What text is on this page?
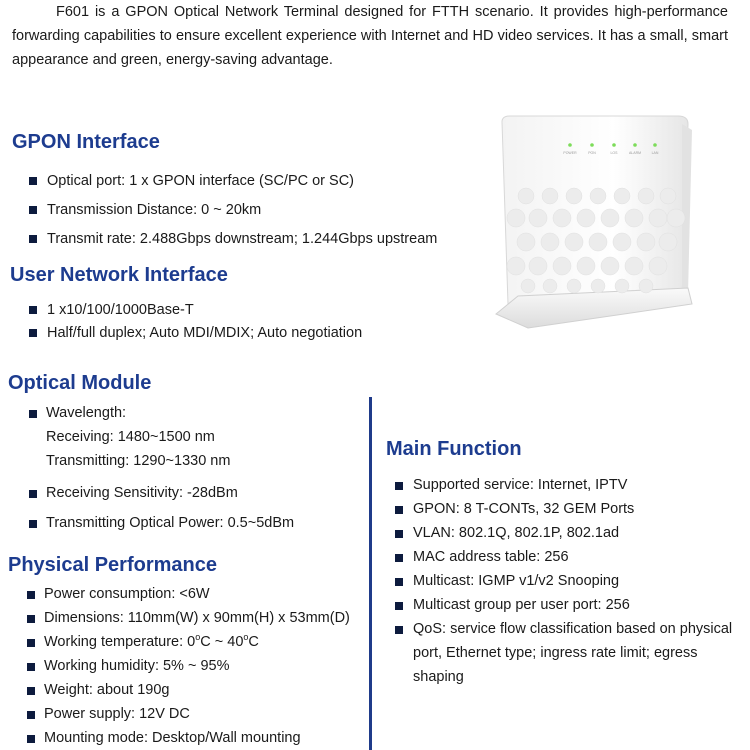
F601 is a GPON Optical Network Terminal designed for FTTH scenario. It provides high-performance forwarding capabilities to ensure excellent experience with Internet and HD video services. It has a small, smart appearance and green, energy-saving advantage.

GPON Interface
Optical port: 1 x GPON interface (SC/PC or SC)
Transmission Distance: 0 ~ 20km
Transmit rate: 2.488Gbps downstream; 1.244Gbps upstream
User Network Interface
1 x10/100/1000Base-T
Half/full duplex; Auto MDI/MDIX; Auto negotiation
POWER	PON	LOS	ALARM	LAN
Optical Module
Wavelength:
Receiving: 1480~1500 nm
Transmitting: 1290~1330 nm
Receiving Sensitivity: -28dBm
Transmitting Optical Power: 0.5~5dBm
Physical Performance
Power consumption: <6W
Dimensions: 110mm(W) x 90mm(H) x 53mm(D)
Working temperature: 0$^o$C ~ 40$^o$C
Working humidity: 5% ~ 95%
Weight: about 190g
Power supply: 12V DC
Mounting mode: Desktop/Wall mounting
Main Function
Supported service: Internet, IPTV
GPON: 8 T-CONTs, 32 GEM Ports
VLAN: 802.1Q, 802.1P, 802.1ad
MAC address table: 256
Multicast: IGMP v1/v2 Snooping
Multicast group per user port: 256
QoS: service flow classification based on physical
port, Ethernet type; ingress rate limit; egress
shaping
